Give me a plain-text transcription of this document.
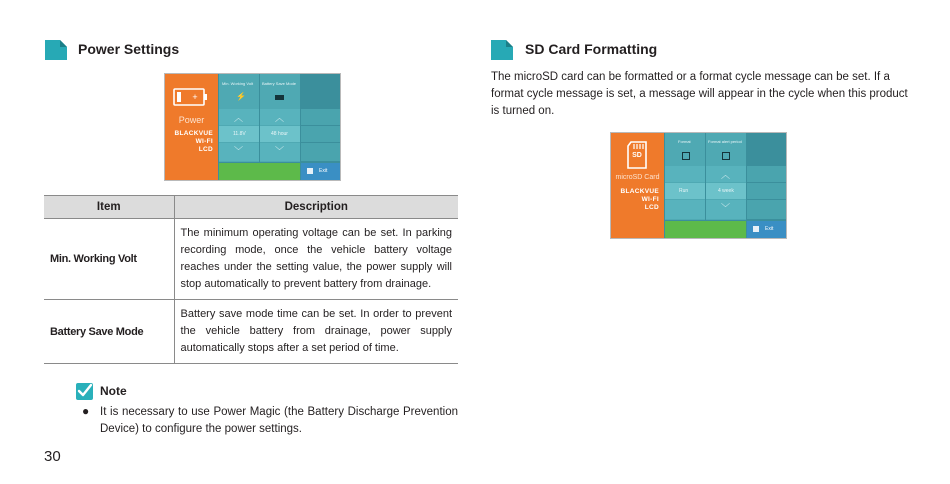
Power Settings
+
Power
BLACKVUE
WI-FI
LCD
Min. Working Volt
⚡
︿
11.8V
﹀
Battery Save Mode
︿
48 hour
﹀
Exit
Item	Description
Min. Working Volt	The minimum operating voltage can be set. In parking recording mode, once the vehicle battery voltage reaches under the setting value, the power supply will stop automatically to prevent battery from drainage.
Battery Save Mode	Battery save mode time can be set. In order to prevent the vehicle battery from drainage, power supply automatically stops after a set period of time.
Note
● It is necessary to use Power Magic (the Battery Discharge Prevention Device) to configure the power settings.
30
SD Card Formatting
The microSD card can be formatted or a format cycle message can be set. If a format cycle message is set, a message will appear in the cycle when this product is turned on.
SD
microSD Card
BLACKVUE
WI-FI
LCD
Format
Run
Format alert period
︿
4 week
﹀
Exit
